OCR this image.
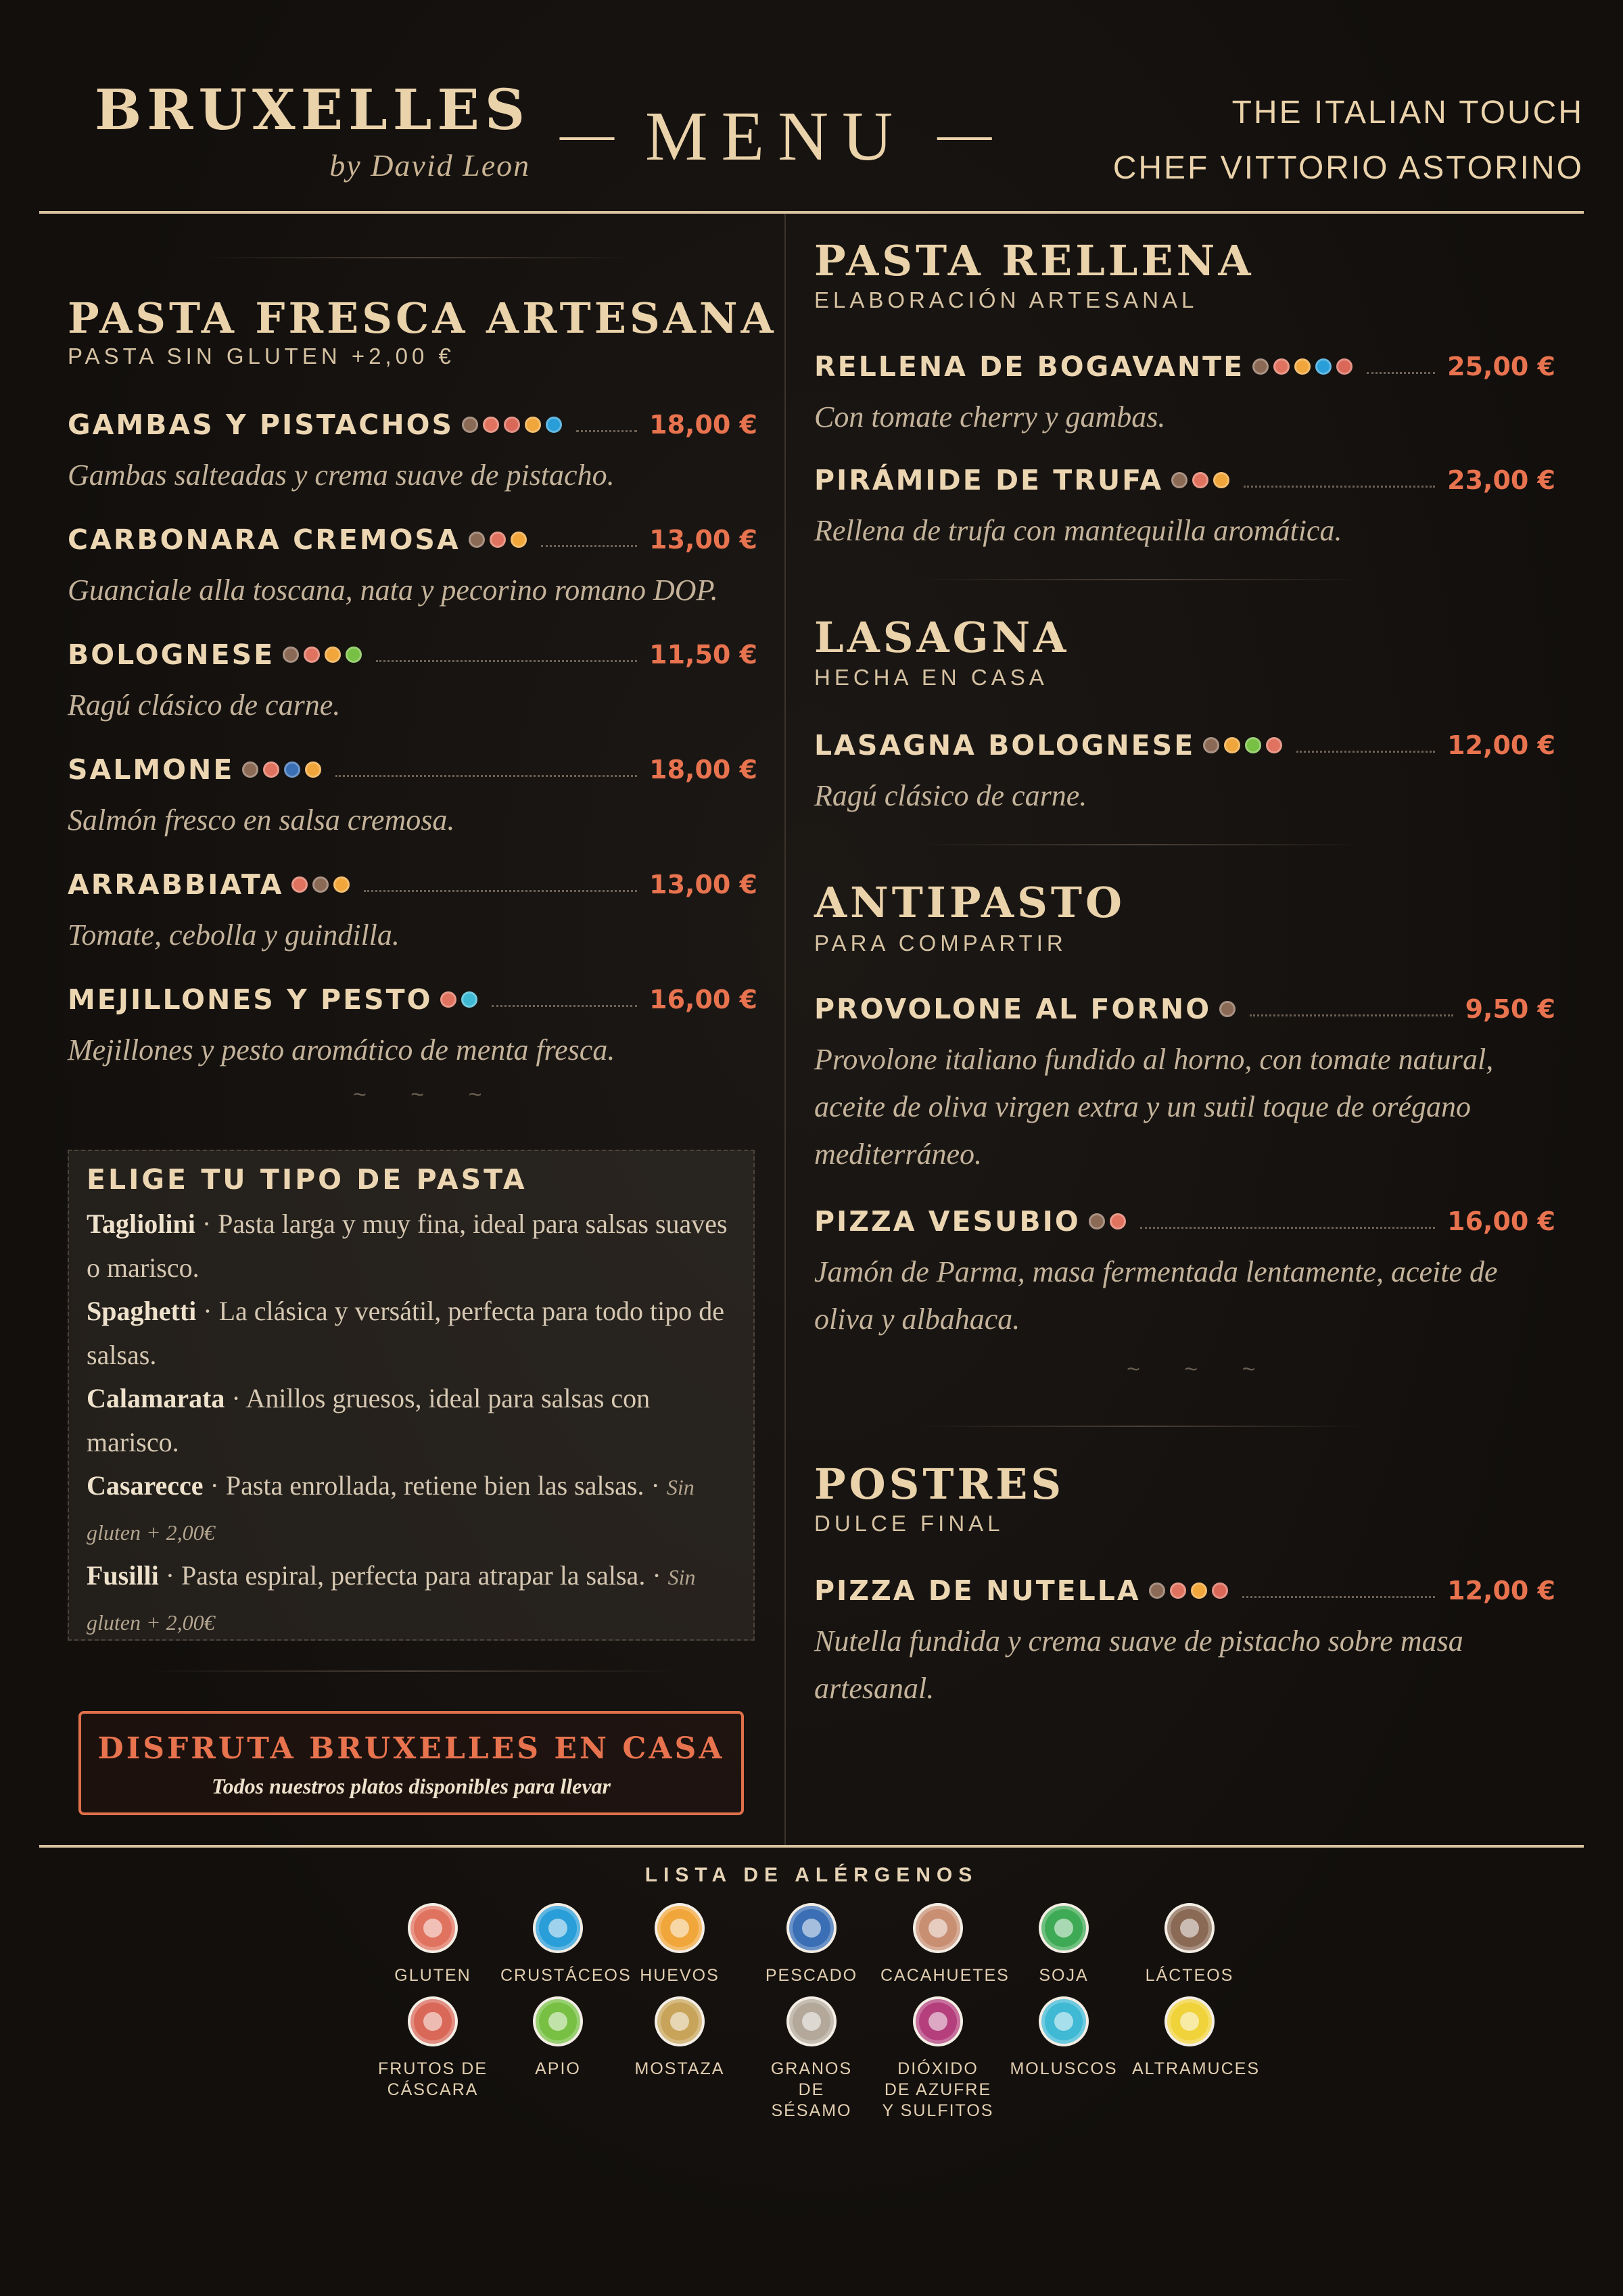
BRUXELLES
by David Leon
— MENU —	THE ITALIAN TOUCH
CHEF VITTORIO ASTORINO
PASTA FRESCA ARTESANA
PASTA SIN GLUTEN +2,00 €
GAMBAS Y PISTACHOS	18,00 €
Gambas salteadas y crema suave de pistacho.
CARBONARA CREMOSA	13,00 €
Guanciale alla toscana, nata y pecorino romano DOP.
BOLOGNESE	11,50 €
Ragú clásico de carne.
SALMONE	18,00 €
Salmón fresco en salsa cremosa.
ARRABBIATA	13,00 €
Tomate, cebolla y guindilla.
MEJILLONES Y PESTO	16,00 €
Mejillones y pesto aromático de menta fresca.
~ ~ ~
ELIGE TU TIPO DE PASTA
Tagliolini · Pasta larga y muy fina, ideal para salsas suaves o marisco.
Spaghetti · La clásica y versátil, perfecta para todo tipo de salsas.
Calamarata · Anillos gruesos, ideal para salsas con marisco.
Casarecce · Pasta enrollada, retiene bien las salsas. · Sin gluten + 2,00€
Fusilli · Pasta espiral, perfecta para atrapar la salsa. · Sin gluten + 2,00€
DISFRUTA BRUXELLES EN CASA
Todos nuestros platos disponibles para llevar
PASTA RELLENA
ELABORACIÓN ARTESANAL
LASAGNA
HECHA EN CASA
ANTIPASTO
PARA COMPARTIR
~ ~ ~
POSTRES
DULCE FINAL
RELLENA DE BOGAVANTE	25,00 €
Con tomate cherry y gambas.
PIRÁMIDE DE TRUFA	23,00 €
Rellena de trufa con mantequilla aromática.
LASAGNA BOLOGNESE	12,00 €
Ragú clásico de carne.
PROVOLONE AL FORNO	9,50 €
Provolone italiano fundido al horno, con tomate natural, aceite de oliva virgen extra y un sutil toque de orégano mediterráneo.
PIZZA VESUBIO	16,00 €
Jamón de Parma, masa fermentada lentamente, aceite de oliva y albahaca.
PIZZA DE NUTELLA	12,00 €
Nutella fundida y crema suave de pistacho sobre masa artesanal.
LISTA DE ALÉRGENOS
GLUTEN	CRUSTÁCEOS HUEVOS	PESCADO	CACAHUETES	SOJA	LÁCTEOS
FRUTOS DE
CÁSCARA
APIO	MOSTAZA	GRANOS
DE
SÉSAMO
DIÓXIDO
DE AZUFRE
Y SULFITOS
MOLUSCOS ALTRAMUCES
